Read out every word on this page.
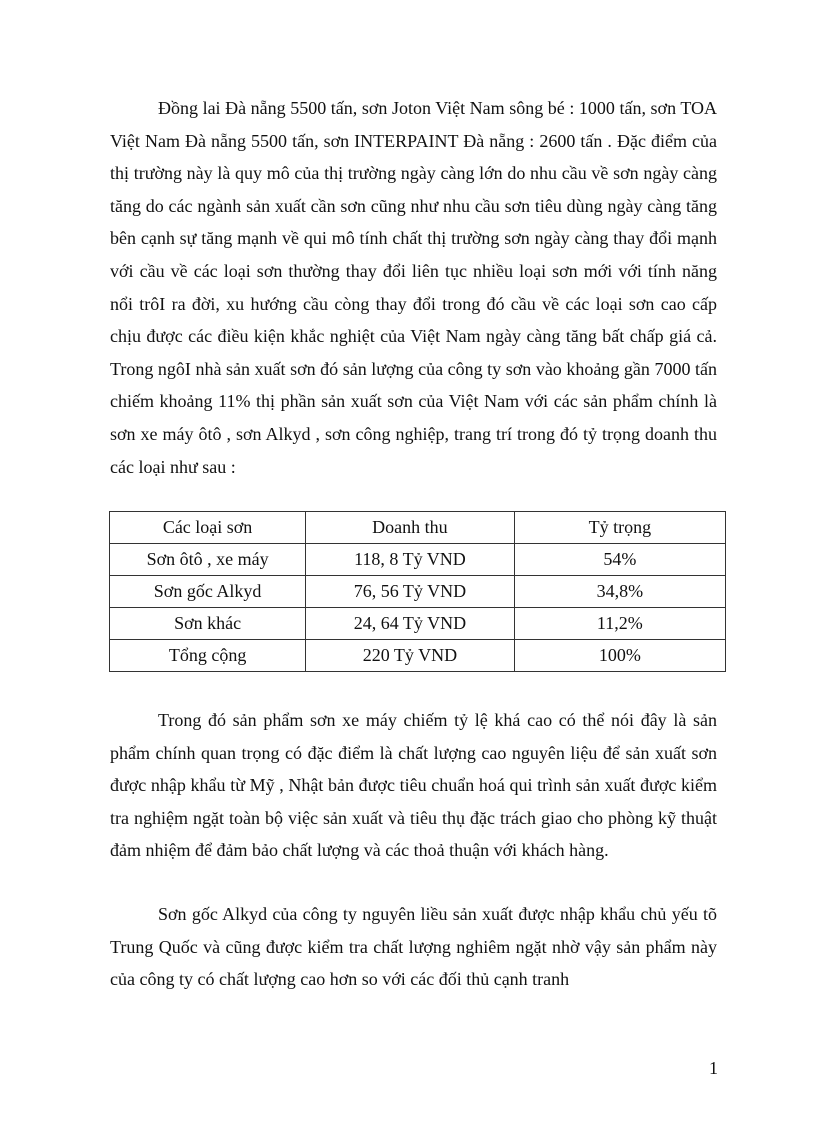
Đồng lai Đà nẵng 5500 tấn, sơn Joton Việt Nam sông bé : 1000 tấn, sơn TOA Việt Nam Đà nẵng 5500 tấn, sơn INTERPAINT Đà nẵng : 2600 tấn . Đặc điểm của thị trường này là quy mô của thị trường ngày càng lớn do nhu cầu về sơn ngày càng tăng do các ngành sản xuất cần sơn cũng như nhu cầu sơn tiêu dùng ngày càng tăng bên cạnh sự tăng mạnh về qui mô tính chất thị trường sơn ngày càng thay đổi mạnh với cầu về các loại sơn thường thay đổi liên tục nhiều loại sơn mới với tính năng nổi trôI ra đời, xu hướng cầu còng thay đổi trong đó cầu về các loại sơn cao cấp chịu được các điều kiện khắc nghiệt của Việt Nam ngày càng tăng bất chấp giá cả. Trong ngôI nhà sản xuất sơn đó sản lượng của công ty sơn vào khoảng gần 7000 tấn chiếm khoảng 11% thị phần sản xuất sơn của Việt Nam với các sản phẩm chính là sơn xe máy ôtô , sơn Alkyd , sơn công nghiệp, trang trí trong đó tỷ trọng doanh thu các loại như sau :

Các loại sơn	Doanh thu	Tỷ trọng
Sơn ôtô , xe máy	118, 8 Tỷ VND	54%
Sơn gốc Alkyd	76, 56 Tỷ VND	34,8%
Sơn khác	24, 64 Tỷ VND	11,2%
Tổng cộng	220 Tỷ VND	100%

Trong đó sản phẩm sơn xe máy chiếm tỷ lệ khá cao có thể nói đây là sản phẩm chính quan trọng có đặc điểm là chất lượng cao nguyên liệu để sản xuất sơn được nhập khẩu từ Mỹ , Nhật bản được tiêu chuẩn hoá qui trình sản xuất được kiểm tra nghiệm ngặt toàn bộ việc sản xuất và tiêu thụ đặc trách giao cho phòng kỹ thuật đảm nhiệm để đảm bảo chất lượng và các thoả thuận với khách hàng.

Sơn gốc Alkyd của công ty nguyên liều sản xuất được nhập khẩu chủ yếu tõ Trung Quốc và cũng được kiểm tra chất lượng nghiêm ngặt nhờ vậy sản phẩm này của công ty có chất lượng cao hơn so với các đối thủ cạnh tranh

1
